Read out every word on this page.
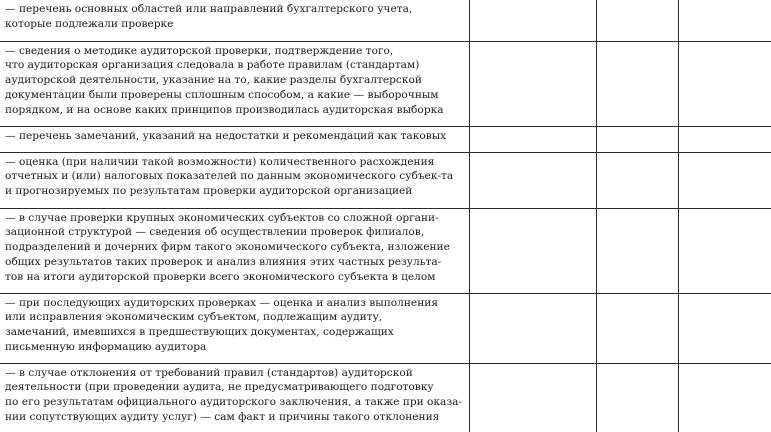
— перечень основных областей или направлений бухгалтерского учета,
которые подлежали проверке			
— сведения о методике аудиторской проверки, подтверждение того,
что аудиторская организация следовала в работе правилам (стандартам)
аудиторской деятельности, указание на то, какие разделы бухгалтерской
документации были проверены сплошным способом, а какие — выборочным
порядком, и на основе каких принципов производилась аудиторская выборка			
— перечень замечаний, указаний на недостатки и рекомендаций как таковых			
— оценка (при наличии такой возможности) количественного расхождения
отчетных и (или) налоговых показателей по данным экономического субъек-та
и прогнозируемых по результатам проверки аудиторской организацией			
— в случае проверки крупных экономических субъектов со сложной органи-
зационной структурой — сведения об осуществлении проверок филиалов,
подразделений и дочерних фирм такого экономического субъекта, изложение
общих результатов таких проверок и анализ влияния этих частных результа-
тов на итоги аудиторской проверки всего экономического субъекта в целом			
— при последующих аудиторских проверках — оценка и анализ выполнения
или исправления экономическим субъектом, подлежащим аудиту,
замечаний, имевшихся в предшествующих документах, содержащих
письменную информацию аудитора			
— в случае отклонения от требований правил (стандартов) аудиторской
деятельности (при проведении аудита, не предусматривающего подготовку
по его результатам официального аудиторского заключения, а также при оказа-
нии сопутствующих аудиту услуг) — сам факт и причины такого отклонения			
